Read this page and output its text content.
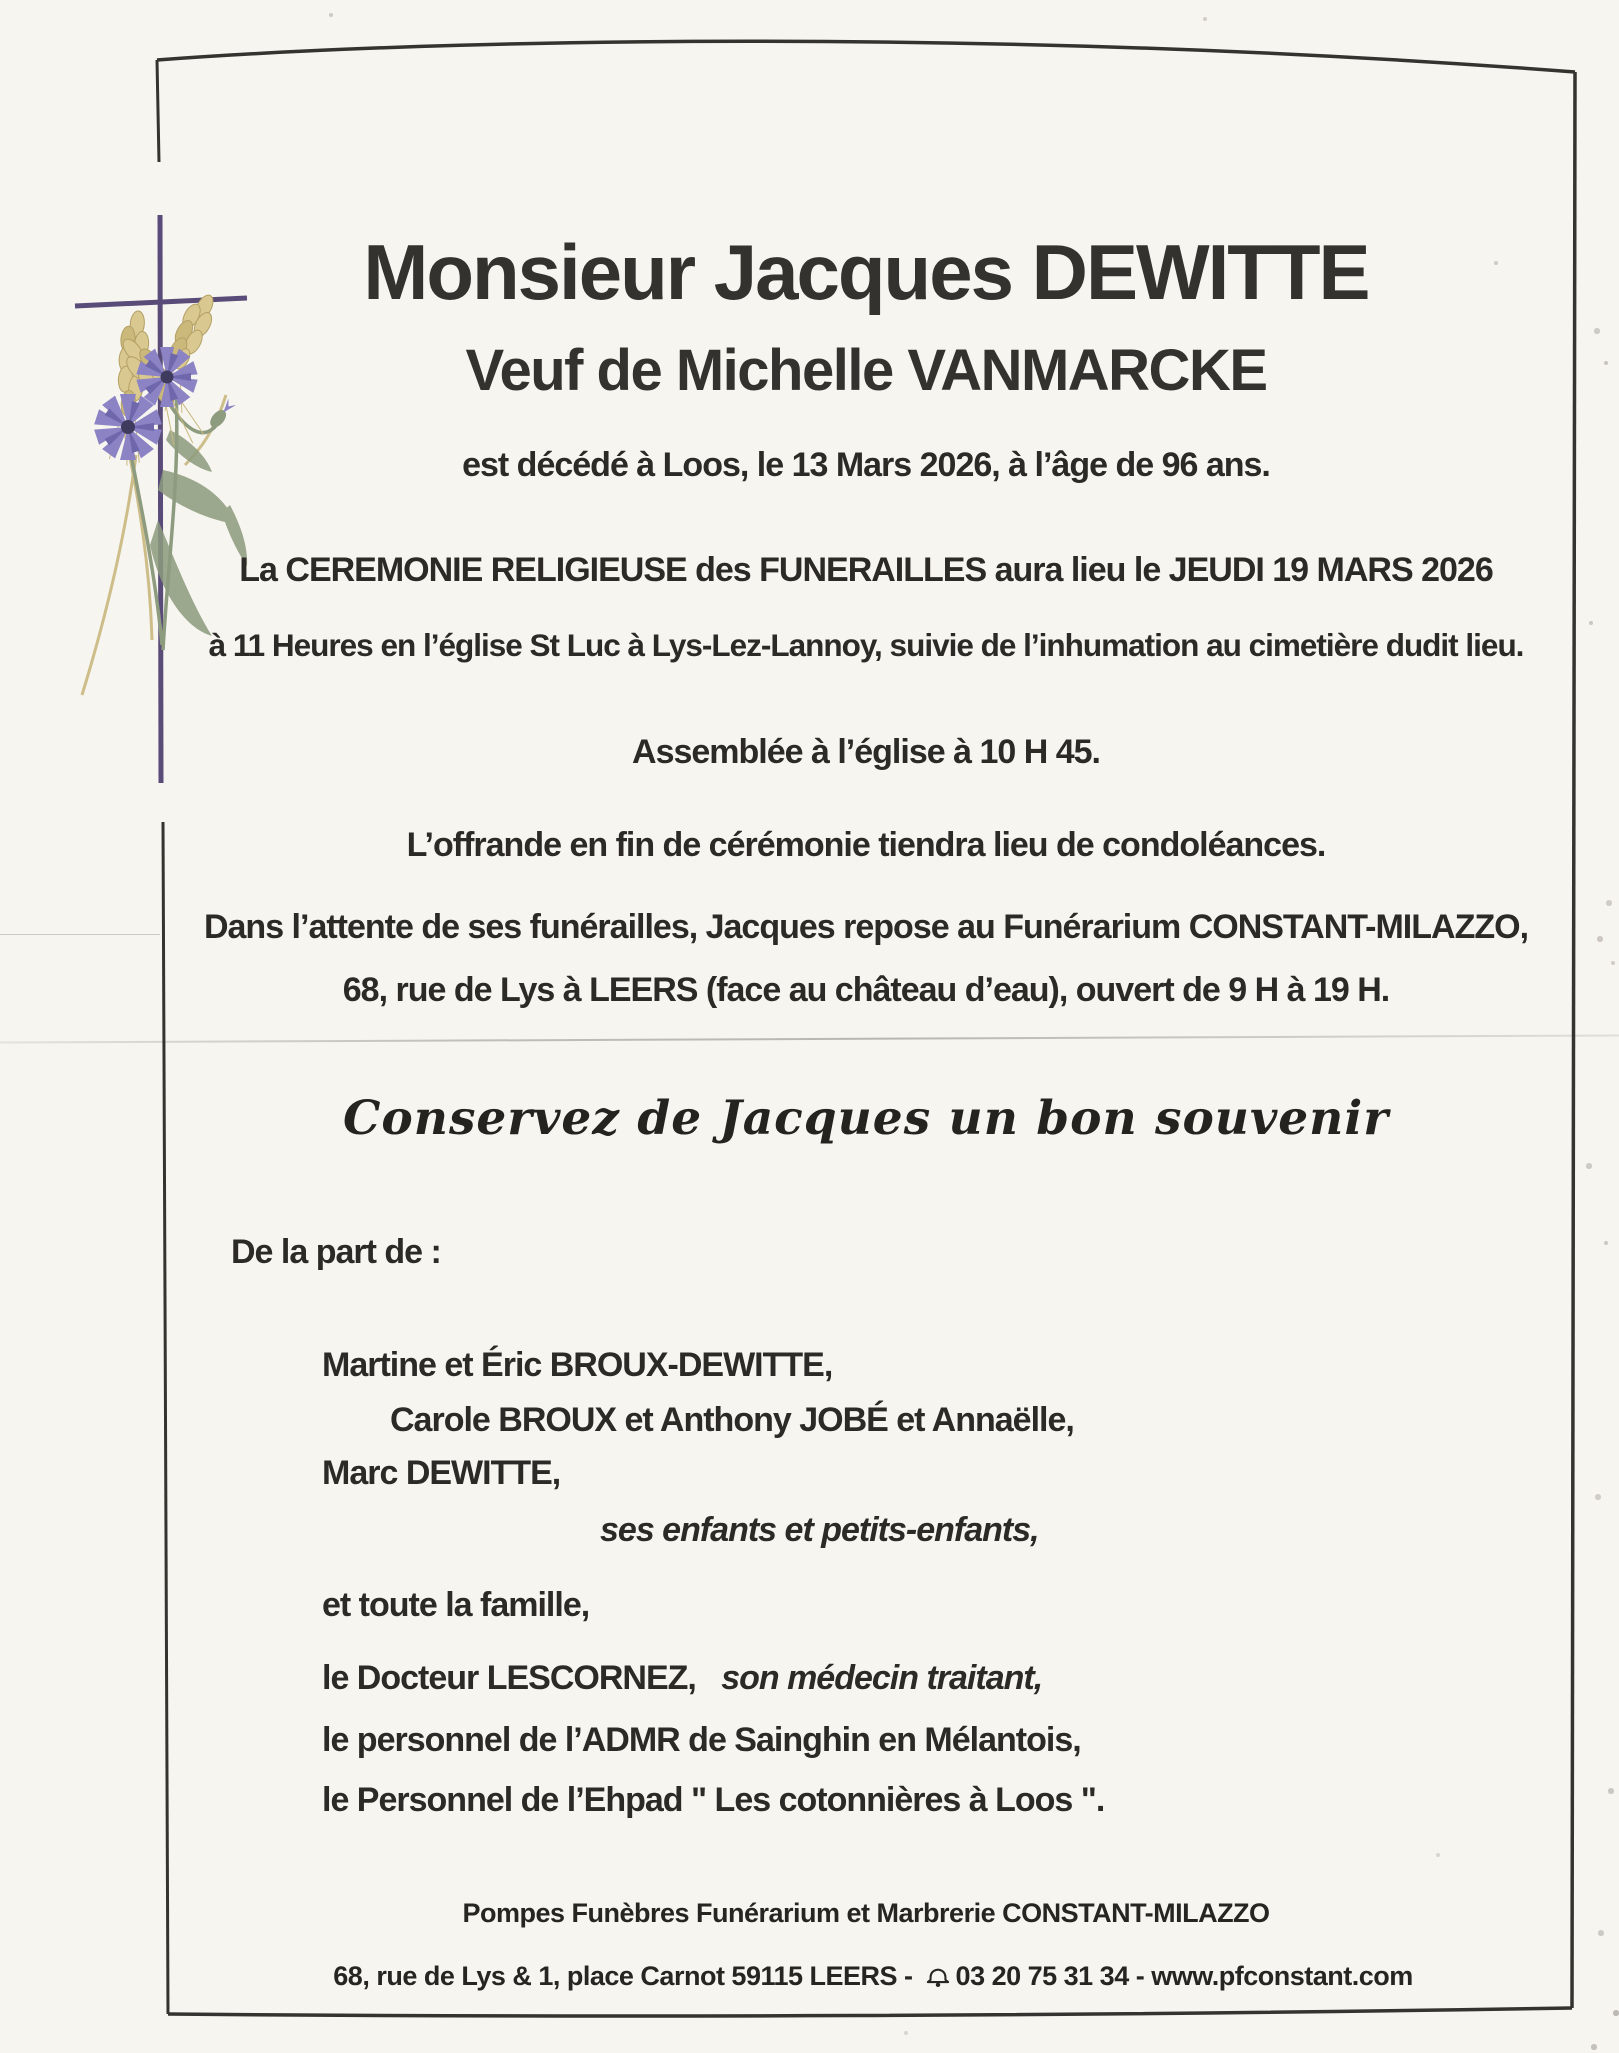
Monsieur Jacques DEWITTE
Veuf de Michelle VANMARCKE
est décédé à Loos, le 13 Mars 2026, à l’âge de 96 ans.
La CEREMONIE RELIGIEUSE des FUNERAILLES aura lieu le JEUDI 19 MARS 2026
à 11 Heures en l’église St Luc à Lys-Lez-Lannoy, suivie de l’inhumation au cimetière dudit lieu.
Assemblée à l’église à 10 H 45.
L’offrande en fin de cérémonie tiendra lieu de condoléances.
Dans l’attente de ses funérailles, Jacques repose au Funérarium CONSTANT-MILAZZO,
68, rue de Lys à LEERS (face au château d’eau), ouvert de 9 H à 19 H.
Conservez de Jacques un bon souvenir
De la part de :
Martine et Éric BROUX-DEWITTE,
Carole BROUX et Anthony JOBÉ et Annaëlle,
Marc DEWITTE,
ses enfants et petits-enfants,
et toute la famille,
le Docteur LESCORNEZ,   son médecin traitant,
le personnel de l’ADMR de Sainghin en Mélantois,
le Personnel de l’Ehpad " Les cotonnières à Loos ".
Pompes Funèbres Funérarium et Marbrerie CONSTANT-MILAZZO

68, rue de Lys & 1, place Carnot 59115 LEERS - 03 20 75 31 34 - www.pfconstant.com
